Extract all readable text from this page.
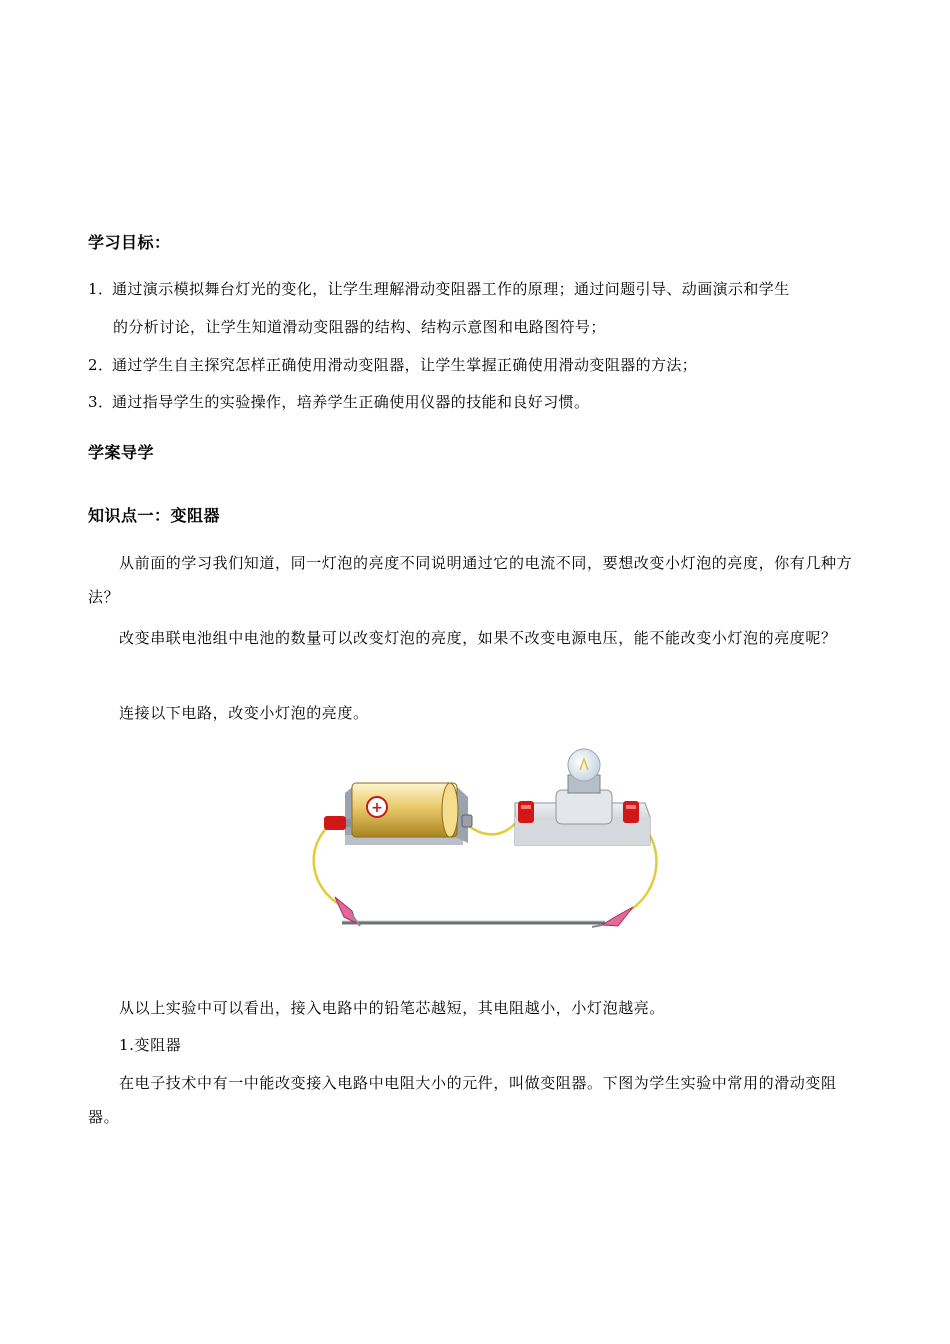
学习目标：
1．通过演示模拟舞台灯光的变化，让学生理解滑动变阻器工作的原理；通过问题引导、动画演示和学生
的分析讨论，让学生知道滑动变阻器的结构、结构示意图和电路图符号；
2．通过学生自主探究怎样正确使用滑动变阻器，让学生掌握正确使用滑动变阻器的方法；
3．通过指导学生的实验操作，培养学生正确使用仪器的技能和良好习惯。
学案导学
知识点一：变阻器
从前面的学习我们知道，同一灯泡的亮度不同说明通过它的电流不同，要想改变小灯泡的亮度，你有几种方法？
改变串联电池组中电池的数量可以改变灯泡的亮度，如果不改变电源电压，能不能改变小灯泡的亮度呢？
连接以下电路，改变小灯泡的亮度。
+
从以上实验中可以看出，接入电路中的铅笔芯越短，其电阻越小，小灯泡越亮。
1.变阻器
在电子技术中有一中能改变接入电路中电阻大小的元件，叫做变阻器。下图为学生实验中常用的滑动变阻器。
